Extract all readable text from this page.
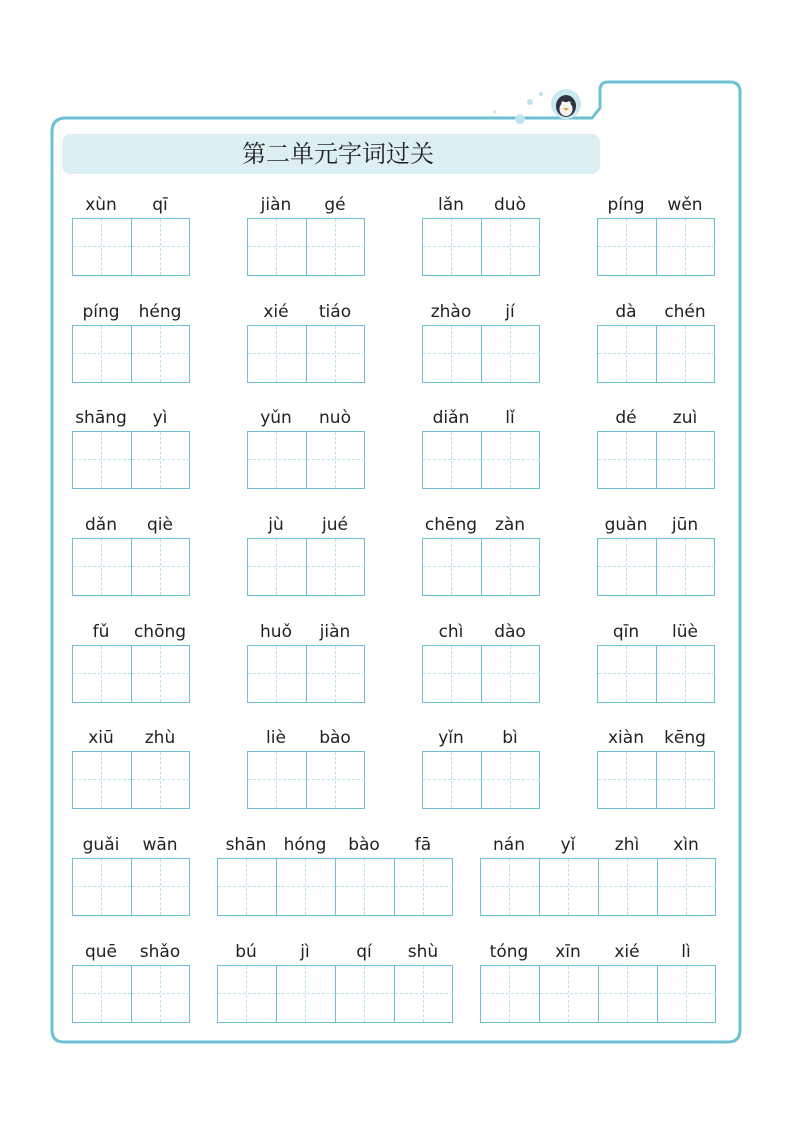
第二单元字词过关
xùn	qī	jiàn	gé	lǎn	duò	píng	wěn
píng	héng	xié	tiáo	zhào	jí	dà	chén
shāng	yì	yǔn	nuò	diǎn	lǐ	dé	zuì
dǎn	qiè	jù	jué	chēng	zàn	guàn	jūn
fǔ	chōng	huǒ	jiàn	chì	dào	qīn	lüè
xiū	zhù	liè	bào	yǐn	bì	xiàn	kēng
guǎi	wān	shān	hóng	bào	fā	nán	yǐ	zhì	xìn
quē	shǎo	bú	jì	qí	shù	tóng	xīn	xié	lì
